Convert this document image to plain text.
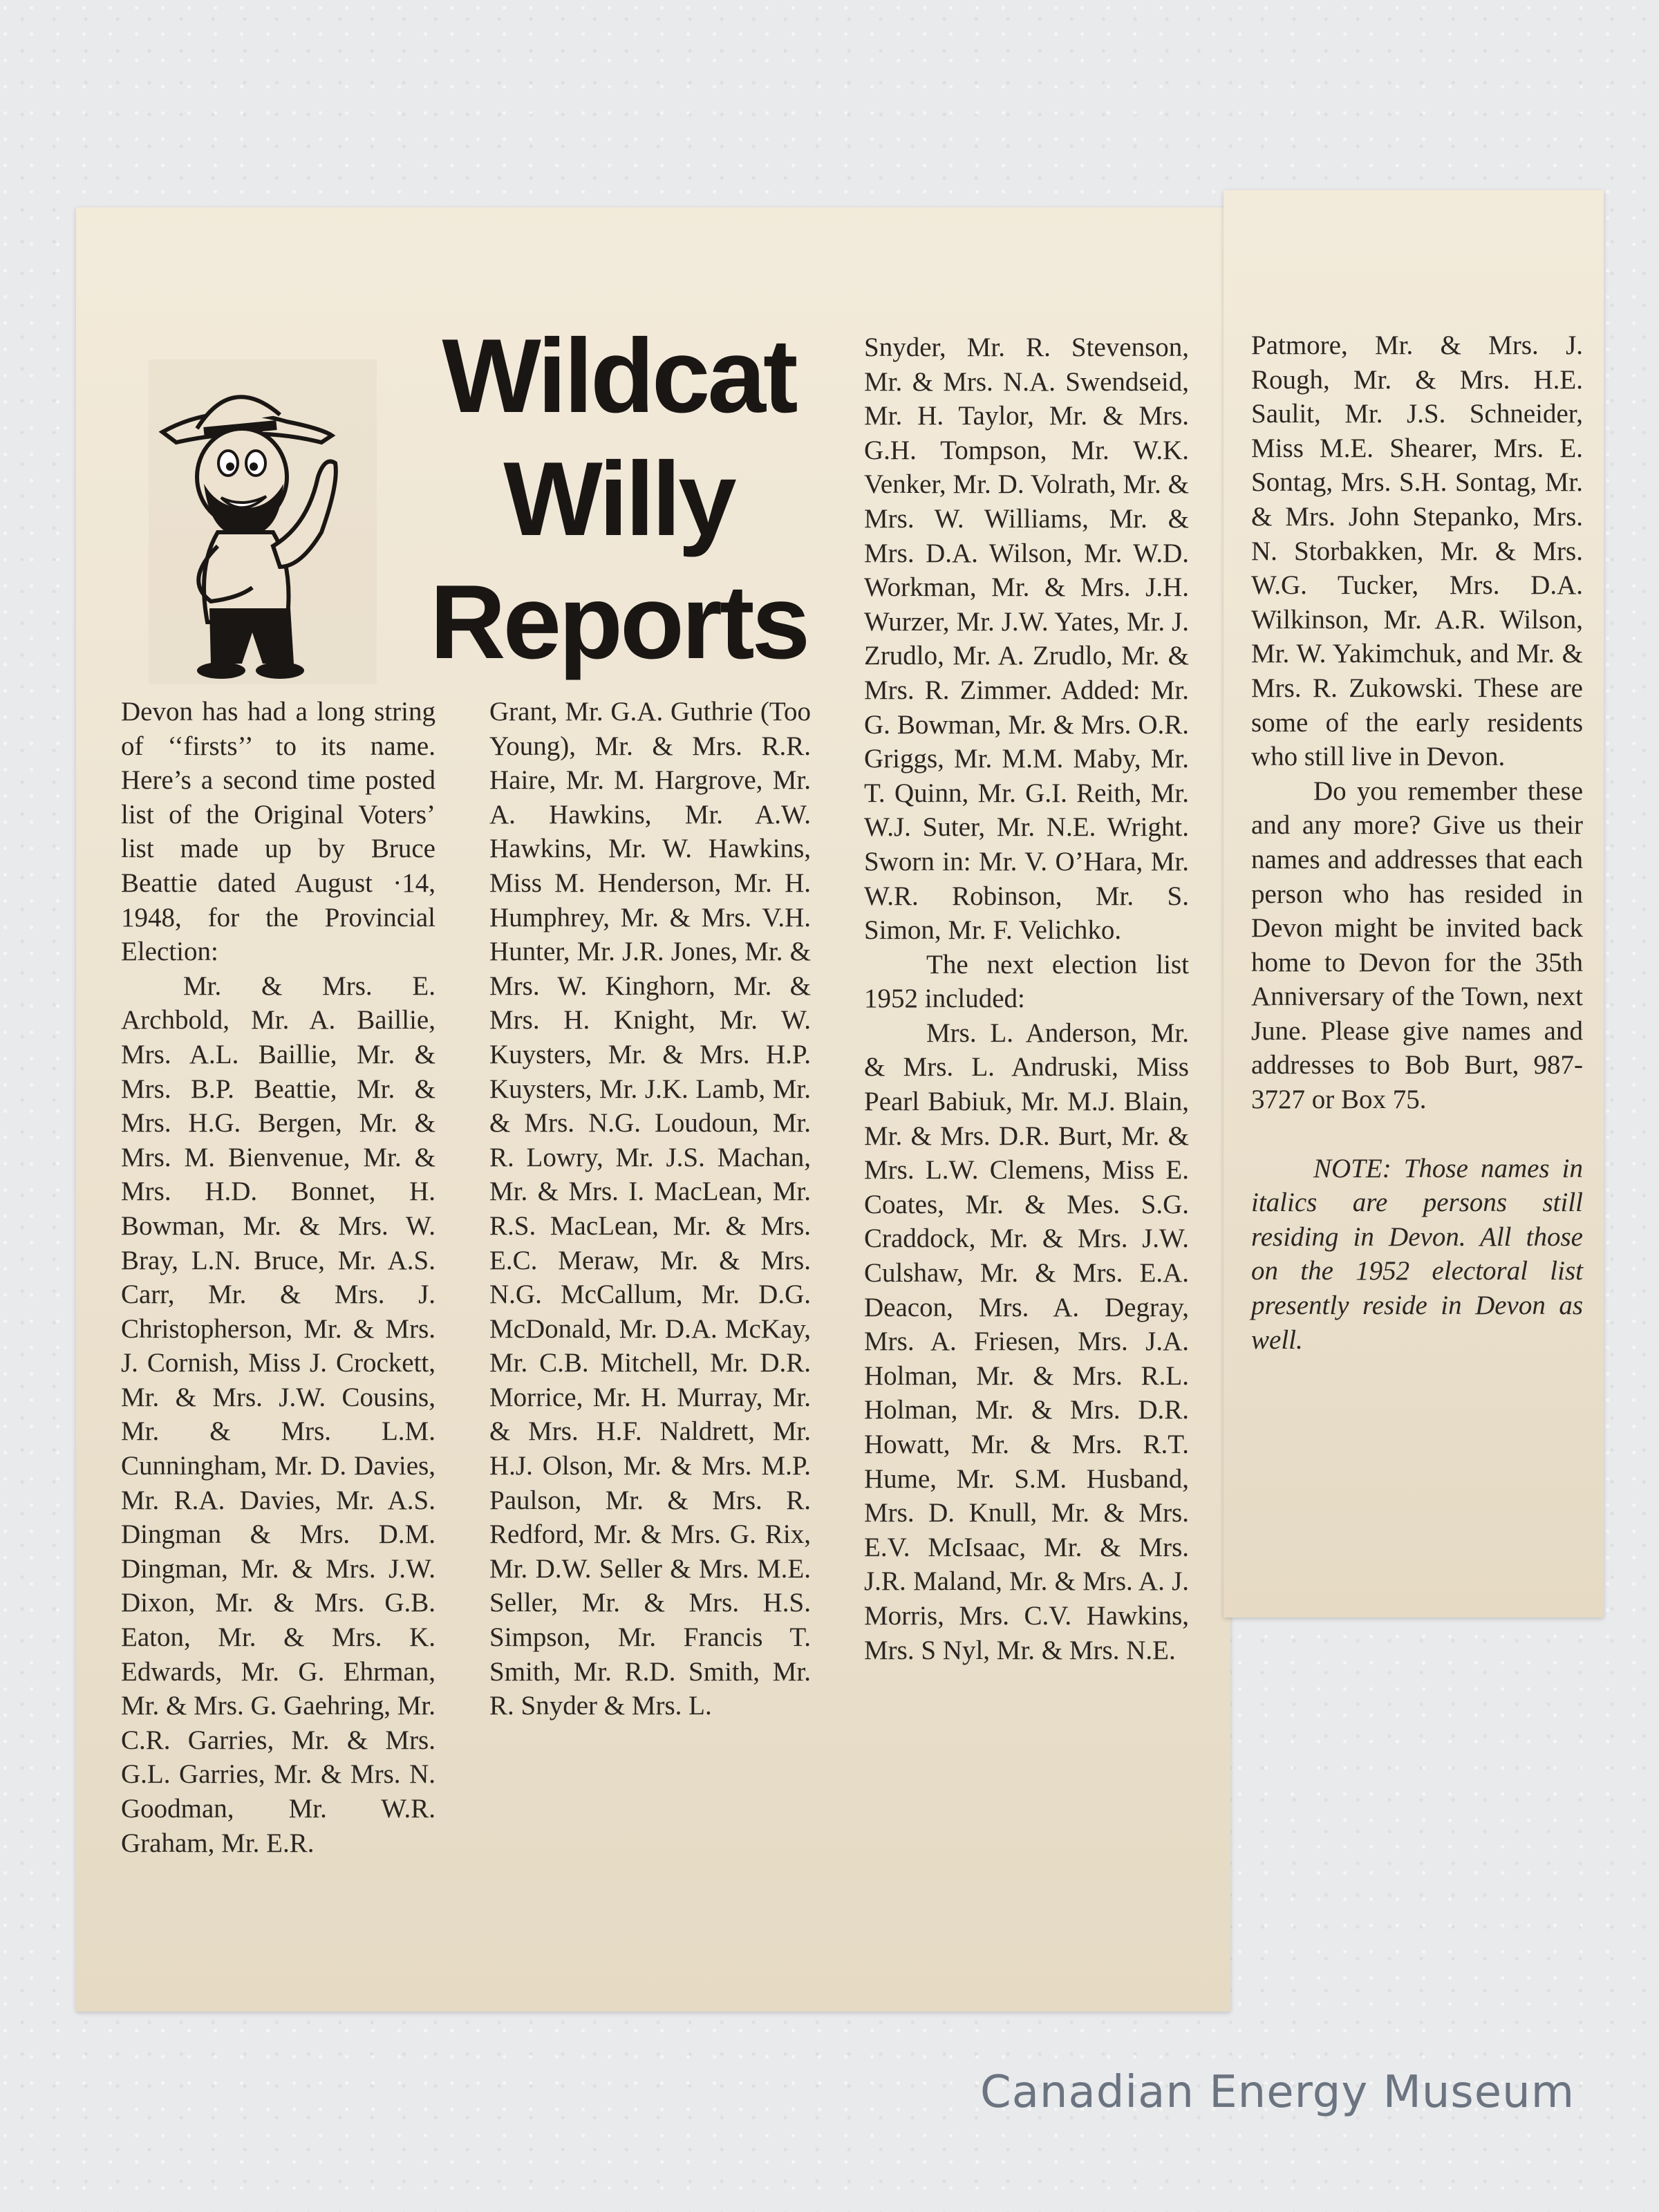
Wildcat
Willy
Reports

Devon has had a long string of ‘‘firsts’’ to its name. Here’s a second time posted list of the Original Voters’ list made up by Bruce Beattie dated August ·14, 1948, for the Provincial Election:

Mr. & Mrs. E. Archbold, Mr. A. Baillie, Mrs. A.L. Baillie, Mr. & Mrs. B.P. Beattie, Mr. & Mrs. H.G. Bergen, Mr. & Mrs. M. Bienvenue, Mr. & Mrs. H.D. Bonnet, H. Bowman, Mr. & Mrs. W. Bray, L.N. Bruce, Mr. A.S. Carr, Mr. & Mrs. J. Christopherson, Mr. & Mrs. J. Cornish, Miss J. Crockett, Mr. & Mrs. J.W. Cousins, Mr. & Mrs. L.M. Cunningham, Mr. D. Davies, Mr. R.A. Davies, Mr. A.S. Dingman & Mrs. D.M. Dingman, Mr. & Mrs. J.W. Dixon, Mr. & Mrs. G.B. Eaton, Mr. & Mrs. K. Edwards, Mr. G. Ehrman, Mr. & Mrs. G. Gaehring, Mr. C.R. Garries, Mr. & Mrs. G.L. Garries, Mr. & Mrs. N. Goodman, Mr. W.R. Graham, Mr. E.R.

Grant, Mr. G.A. Guthrie (Too Young), Mr. & Mrs. R.R. Haire, Mr. M. Hargrove, Mr. A. Hawkins, Mr. A.W. Hawkins, Mr. W. Hawkins, Miss M. Henderson, Mr. H. Humphrey, Mr. & Mrs. V.H. Hunter, Mr. J.R. Jones, Mr. & Mrs. W. Kinghorn, Mr. & Mrs. H. Knight, Mr. W. Kuysters, Mr. & Mrs. H.P. Kuysters, Mr. J.K. Lamb, Mr. & Mrs. N.G. Loudoun, Mr. R. Lowry, Mr. J.S. Machan, Mr. & Mrs. I. MacLean, Mr. R.S. MacLean, Mr. & Mrs. E.C. Meraw, Mr. & Mrs. N.G. McCallum, Mr. D.G. McDonald, Mr. D.A. McKay, Mr. C.B. Mitchell, Mr. D.R. Morrice, Mr. H. Murray, Mr. & Mrs. H.F. Naldrett, Mr. H.J. Olson, Mr. & Mrs. M.P. Paulson, Mr. & Mrs. R. Redford, Mr. & Mrs. G. Rix, Mr. D.W. Seller & Mrs. M.E. Seller, Mr. & Mrs. H.S. Simpson, Mr. Francis T. Smith, Mr. R.D. Smith, Mr. R. Snyder & Mrs. L.

Snyder, Mr. R. Stevenson, Mr. & Mrs. N.A. Swendseid, Mr. H. Taylor, Mr. & Mrs. G.H. Tompson, Mr. W.K. Venker, Mr. D. Volrath, Mr. & Mrs. W. Williams, Mr. & Mrs. D.A. Wilson, Mr. W.D. Workman, Mr. & Mrs. J.H. Wurzer, Mr. J.W. Yates, Mr. J. Zrudlo, Mr. A. Zrudlo, Mr. & Mrs. R. Zimmer. Added: Mr. G. Bowman, Mr. & Mrs. O.R. Griggs, Mr. M.M. Maby, Mr. T. Quinn, Mr. G.I. Reith, Mr. W.J. Suter, Mr. N.E. Wright. Sworn in: Mr. V. O’Hara, Mr. W.R. Robinson, Mr. S. Simon, Mr. F. Velichko.

The next election list 1952 included:

Mrs. L. Anderson, Mr. & Mrs. L. Andruski, Miss Pearl Babiuk, Mr. M.J. Blain, Mr. & Mrs. D.R. Burt, Mr. & Mrs. L.W. Clemens, Miss E. Coates, Mr. & Mes. S.G. Craddock, Mr. & Mrs. J.W. Culshaw, Mr. & Mrs. E.A. Deacon, Mrs. A. Degray, Mrs. A. Friesen, Mrs. J.A. Holman, Mr. & Mrs. R.L. Holman, Mr. & Mrs. D.R. Howatt, Mr. & Mrs. R.T. Hume, Mr. S.M. Husband, Mrs. D. Knull, Mr. & Mrs. E.V. McIsaac, Mr. & Mrs. J.R. Maland, Mr. & Mrs. A. J. Morris, Mrs. C.V. Hawkins, Mrs. S Nyl, Mr. & Mrs. N.E.

Patmore, Mr. & Mrs. J. Rough, Mr. & Mrs. H.E. Saulit, Mr. J.S. Schneider, Miss M.E. Shearer, Mrs. E. Sontag, Mrs. S.H. Sontag, Mr. & Mrs. John Stepanko, Mrs. N. Storbakken, Mr. & Mrs. W.G. Tucker, Mrs. D.A. Wilkinson, Mr. A.R. Wilson, Mr. W. Yakimchuk, and Mr. & Mrs. R. Zukowski. These are some of the early residents who still live in Devon.

Do you remember these and any more? Give us their names and addresses that each person who has resided in Devon might be invited back home to Devon for the 35th Anniversary of the Town, next June. Please give names and addresses to Bob Burt, 987-3727 or Box 75.

NOTE: Those names in italics are persons still residing in Devon. All those on the 1952 electoral list presently reside in Devon as well.

Canadian Energy Museum
